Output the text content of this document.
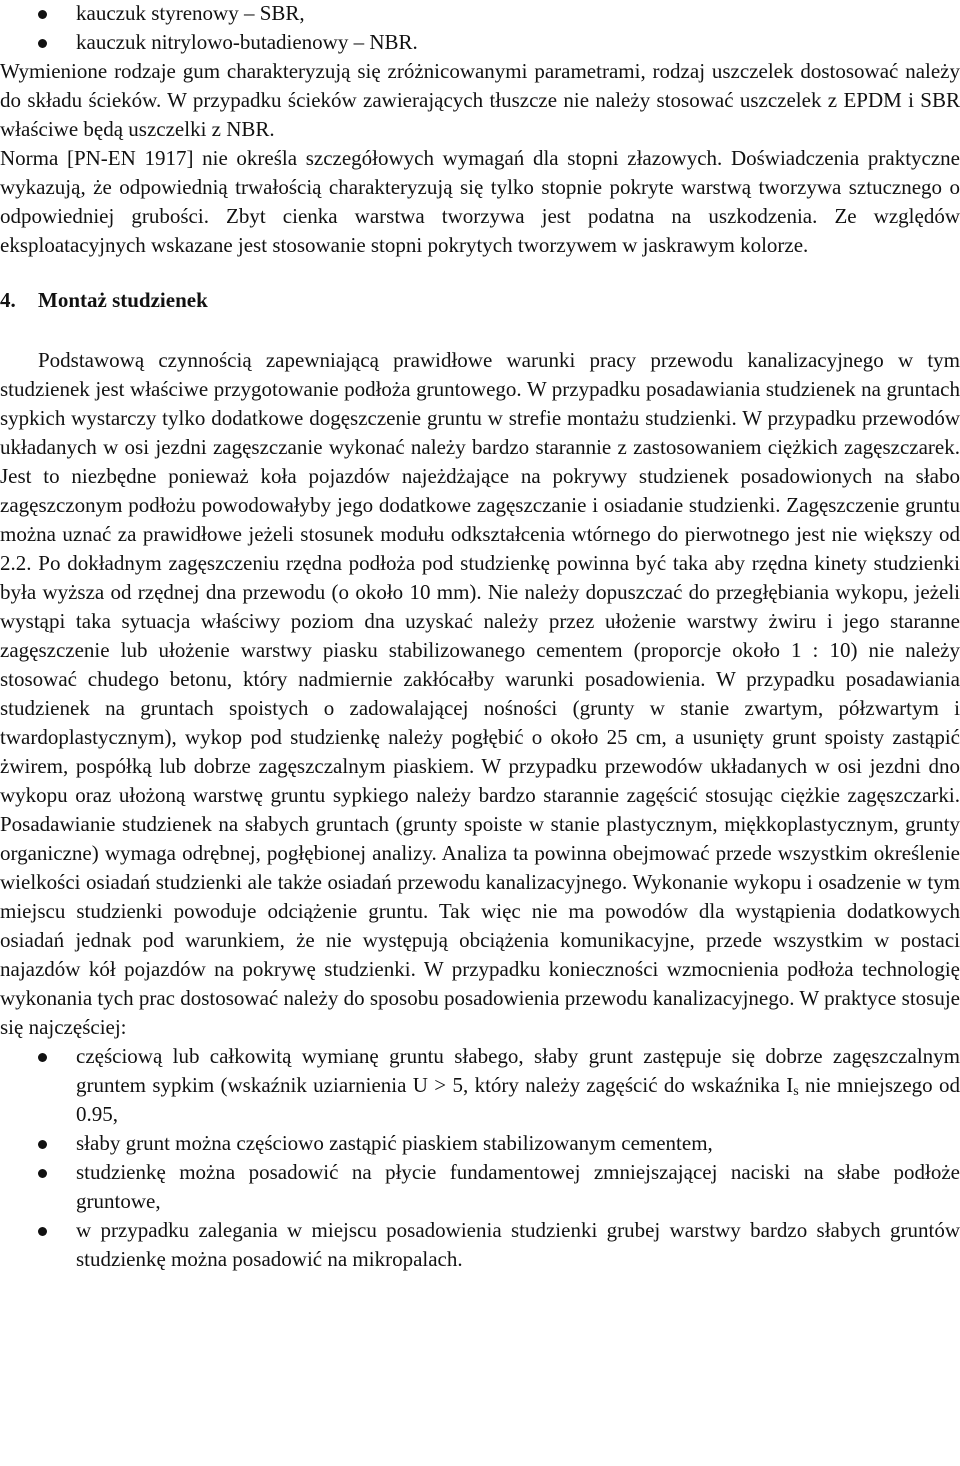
kauczuk styrenowy – SBR,
kauczuk nitrylowo-butadienowy – NBR.

Wymienione rodzaje gum charakteryzują się zróżnicowanymi parametrami, rodzaj uszczelek dostosować należy do składu ścieków. W przypadku ścieków zawierających tłuszcze nie należy stosować uszczelek z EPDM i SBR właściwe będą uszczelki z NBR.

Norma [PN-EN 1917] nie określa szczegółowych wymagań dla stopni złazowych. Doświadczenia praktyczne wykazują, że odpowiednią trwałością charakteryzują się tylko stopnie pokryte warstwą tworzywa sztucznego o odpowiedniej grubości. Zbyt cienka warstwa tworzywa jest podatna na uszkodzenia. Ze względów eksploatacyjnych wskazane jest stosowanie stopni pokrytych tworzywem w jaskrawym kolorze.

4. Montaż studzienek

Podstawową czynnością zapewniającą prawidłowe warunki pracy przewodu kanalizacyjnego w tym studzienek jest właściwe przygotowanie podłoża gruntowego. W przypadku posadawiania studzienek na gruntach sypkich wystarczy tylko dodatkowe dogęszczenie gruntu w strefie montażu studzienki. W przypadku przewodów układanych w osi jezdni zagęszczanie wykonać należy bardzo starannie z zastosowaniem ciężkich zagęszczarek. Jest to niezbędne ponieważ koła pojazdów najeżdżające na pokrywy studzienek posadowionych na słabo zagęszczonym podłożu powodowałyby jego dodatkowe zagęszczanie i osiadanie studzienki. Zagęszczenie gruntu można uznać za prawidłowe jeżeli stosunek modułu odkształcenia wtórnego do pierwotnego jest nie większy od 2.2. Po dokładnym zagęszczeniu rzędna podłoża pod studzienkę powinna być taka aby rzędna kinety studzienki była wyższa od rzędnej dna przewodu (o około 10 mm). Nie należy dopuszczać do przegłębiania wykopu, jeżeli wystąpi taka sytuacja właściwy poziom dna uzyskać należy przez ułożenie warstwy żwiru i jego staranne zagęszczenie lub ułożenie warstwy piasku stabilizowanego cementem (proporcje około 1 : 10) nie należy stosować chudego betonu, który nadmiernie zakłócałby warunki posadowienia. W przypadku posadawiania studzienek na gruntach spoistych o zadowalającej nośności (grunty w stanie zwartym, półzwartym i twardoplastycznym), wykop pod studzienkę należy pogłębić o około 25 cm, a usunięty grunt spoisty zastąpić żwirem, pospółką lub dobrze zagęszczalnym piaskiem. W przypadku przewodów układanych w osi jezdni dno wykopu oraz ułożoną warstwę gruntu sypkiego należy bardzo starannie zagęścić stosując ciężkie zagęszczarki. Posadawianie studzienek na słabych gruntach (grunty spoiste w stanie plastycznym, miękkoplastycznym, grunty organiczne) wymaga odrębnej, pogłębionej analizy. Analiza ta powinna obejmować przede wszystkim określenie wielkości osiadań studzienki ale także osiadań przewodu kanalizacyjnego. Wykonanie wykopu i osadzenie w tym miejscu studzienki powoduje odciążenie gruntu. Tak więc nie ma powodów dla wystąpienia dodatkowych osiadań jednak pod warunkiem, że nie występują obciążenia komunikacyjne, przede wszystkim w postaci najazdów kół pojazdów na pokrywę studzienki. W przypadku konieczności wzmocnienia podłoża technologię wykonania tych prac dostosować należy do sposobu posadowienia przewodu kanalizacyjnego. W praktyce stosuje się najczęściej:

częściową lub całkowitą wymianę gruntu słabego, słaby grunt zastępuje się dobrze zagęszczalnym gruntem sypkim (wskaźnik uziarnienia U > 5, który należy zagęścić do wskaźnika $I_s$ nie mniejszego od 0.95,
słaby grunt można częściowo zastąpić piaskiem stabilizowanym cementem,
studzienkę można posadowić na płycie fundamentowej zmniejszającej naciski na słabe podłoże gruntowe,
w przypadku zalegania w miejscu posadowienia studzienki grubej warstwy bardzo słabych gruntów studzienkę można posadowić na mikropalach.
